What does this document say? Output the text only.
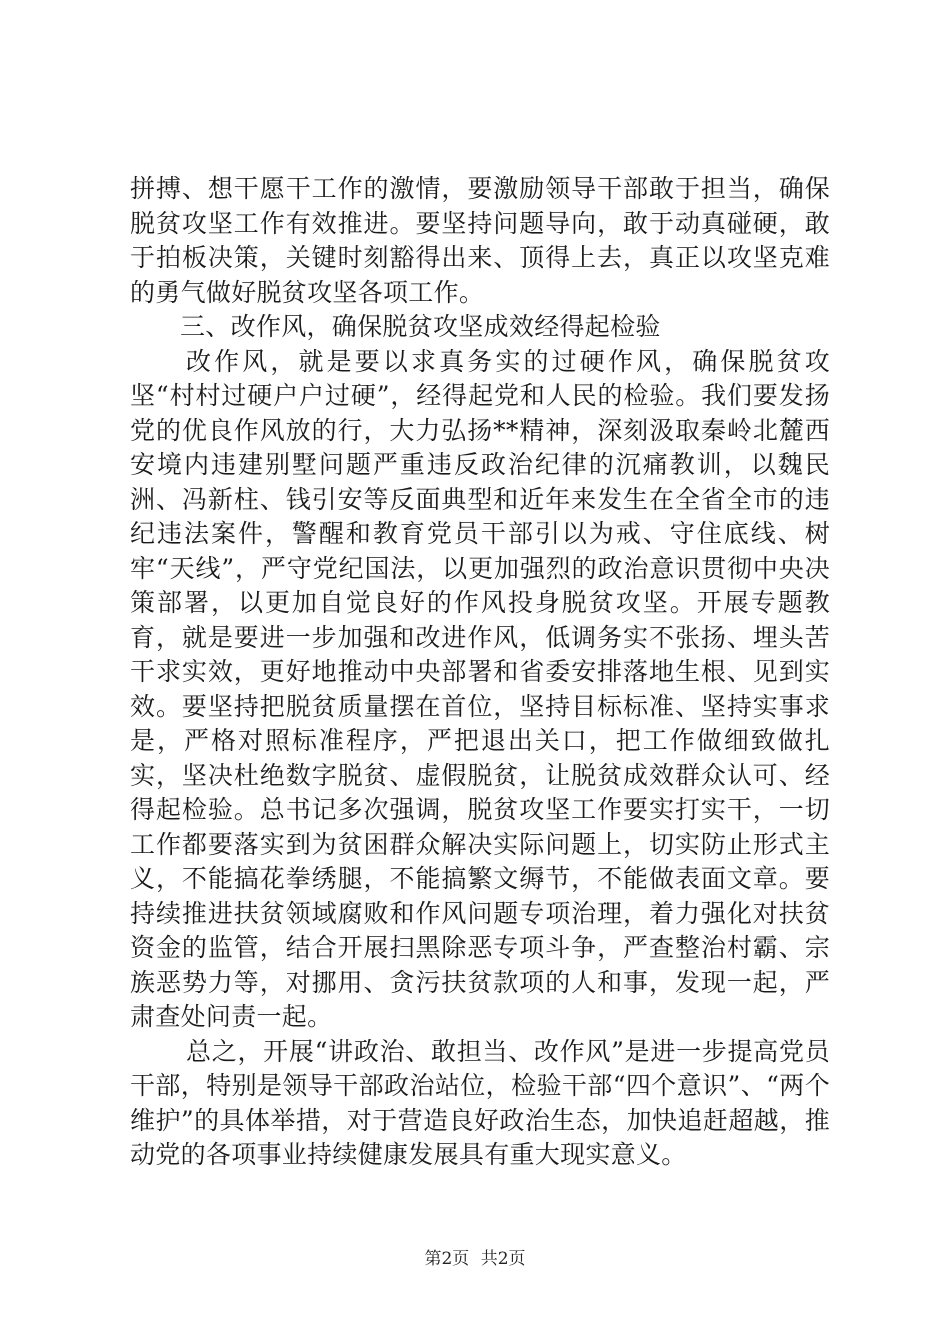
拼搏、想干愿干工作的激情，要激励领导干部敢于担当，确保脱贫攻坚工作有效推进。要坚持问题导向，敢于动真碰硬，敢于拍板决策，关键时刻豁得出来、顶得上去，真正以攻坚克难的勇气做好脱贫攻坚各项工作。

三、改作风，确保脱贫攻坚成效经得起检验

改作风，就是要以求真务实的过硬作风，确保脱贫攻坚“村村过硬户户过硬”，经得起党和人民的检验。我们要发扬党的优良作风放的行，大力弘扬**精神，深刻汲取秦岭北麓西安境内违建别墅问题严重违反政治纪律的沉痛教训，以魏民洲、冯新柱、钱引安等反面典型和近年来发生在全省全市的违纪违法案件，警醒和教育党员干部引以为戒、守住底线、树牢“天线”，严守党纪国法，以更加强烈的政治意识贯彻中央决策部署，以更加自觉良好的作风投身脱贫攻坚。开展专题教育，就是要进一步加强和改进作风，低调务实不张扬、埋头苦干求实效，更好地推动中央部署和省委安排落地生根、见到实效。要坚持把脱贫质量摆在首位，坚持目标标准、坚持实事求是，严格对照标准程序，严把退出关口，把工作做细致做扎实，坚决杜绝数字脱贫、虚假脱贫，让脱贫成效群众认可、经得起检验。总书记多次强调，脱贫攻坚工作要实打实干，一切工作都要落实到为贫困群众解决实际问题上，切实防止形式主义，不能搞花拳绣腿，不能搞繁文缛节，不能做表面文章。要持续推进扶贫领域腐败和作风问题专项治理，着力强化对扶贫资金的监管，结合开展扫黑除恶专项斗争，严查整治村霸、宗族恶势力等，对挪用、贪污扶贫款项的人和事，发现一起，严肃查处问责一起。

总之，开展“讲政治、敢担当、改作风”是进一步提高党员干部，特别是领导干部政治站位，检验干部“四个意识”、“两个维护”的具体举措，对于营造良好政治生态，加快追赶超越，推动党的各项事业持续健康发展具有重大现实意义。

第2页 共2页
